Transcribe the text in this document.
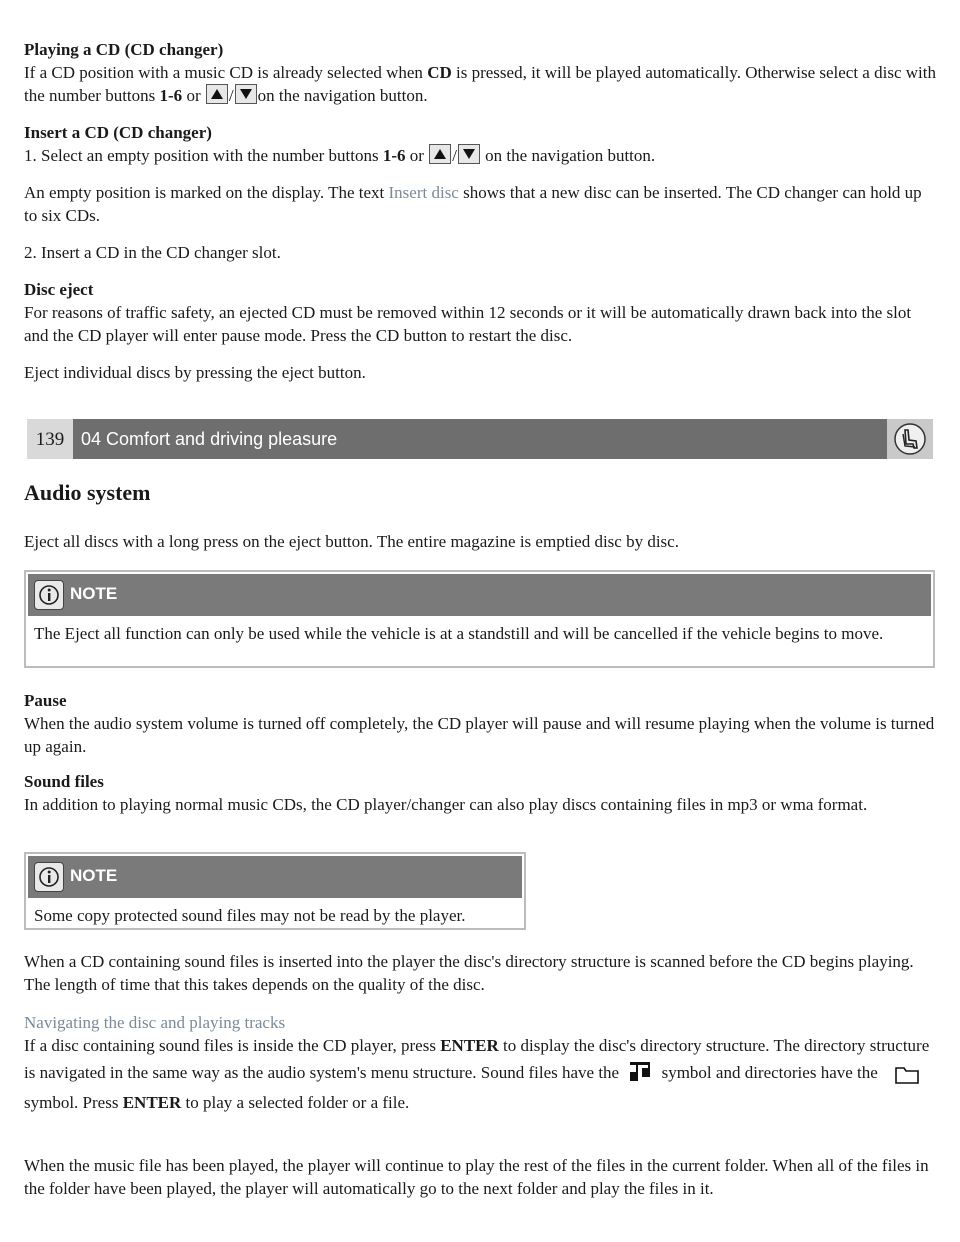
Playing a CD (CD changer)
If a CD position with a music CD is already selected when CD is pressed, it will be played automatically. Otherwise select a disc with the number buttons 1-6 or
/ on the navigation button.

Insert a CD (CD changer)
1. Select an empty position with the number buttons 1-6 or
/
on the navigation button.

An empty position is marked on the display. The text Insert disc shows that a new disc can be inserted. The CD changer can hold up to six CDs.

2. Insert a CD in the CD changer slot.

Disc eject
For reasons of traffic safety, an ejected CD must be removed within 12 seconds or it will be automatically drawn back into the slot and the CD player will enter pause mode. Press the CD button to restart the disc.

Eject individual discs by pressing the eject button.

139 04 Comfort and driving pleasure
Audio system

Eject all discs with a long press on the eject button. The entire magazine is emptied disc by disc.

NOTE
The Eject all function can only be used while the vehicle is at a standstill and will be cancelled if the vehicle begins to move.

Pause
When the audio system volume is turned off completely, the CD player will pause and will resume playing when the volume is turned up again.

Sound files
In addition to playing normal music CDs, the CD player/changer can also play discs containing files in mp3 or wma format.

NOTE
Some copy protected sound files may not be read by the player.

When a CD containing sound files is inserted into the player the disc's directory structure is scanned before the CD begins playing. The length of time that this takes depends on the quality of the disc.

Navigating the disc and playing tracks
If a disc containing sound files is inside the CD player, press ENTER to display the disc's directory structure. The directory structure is navigated in the same way as the audio system's menu structure. Sound files have the  symbol and directories have the  symbol. Press ENTER to play a selected folder or a file.

When the music file has been played, the player will continue to play the rest of the files in the current folder. When all of the files in the folder have been played, the player will automatically go to the next folder and play the files in it.
